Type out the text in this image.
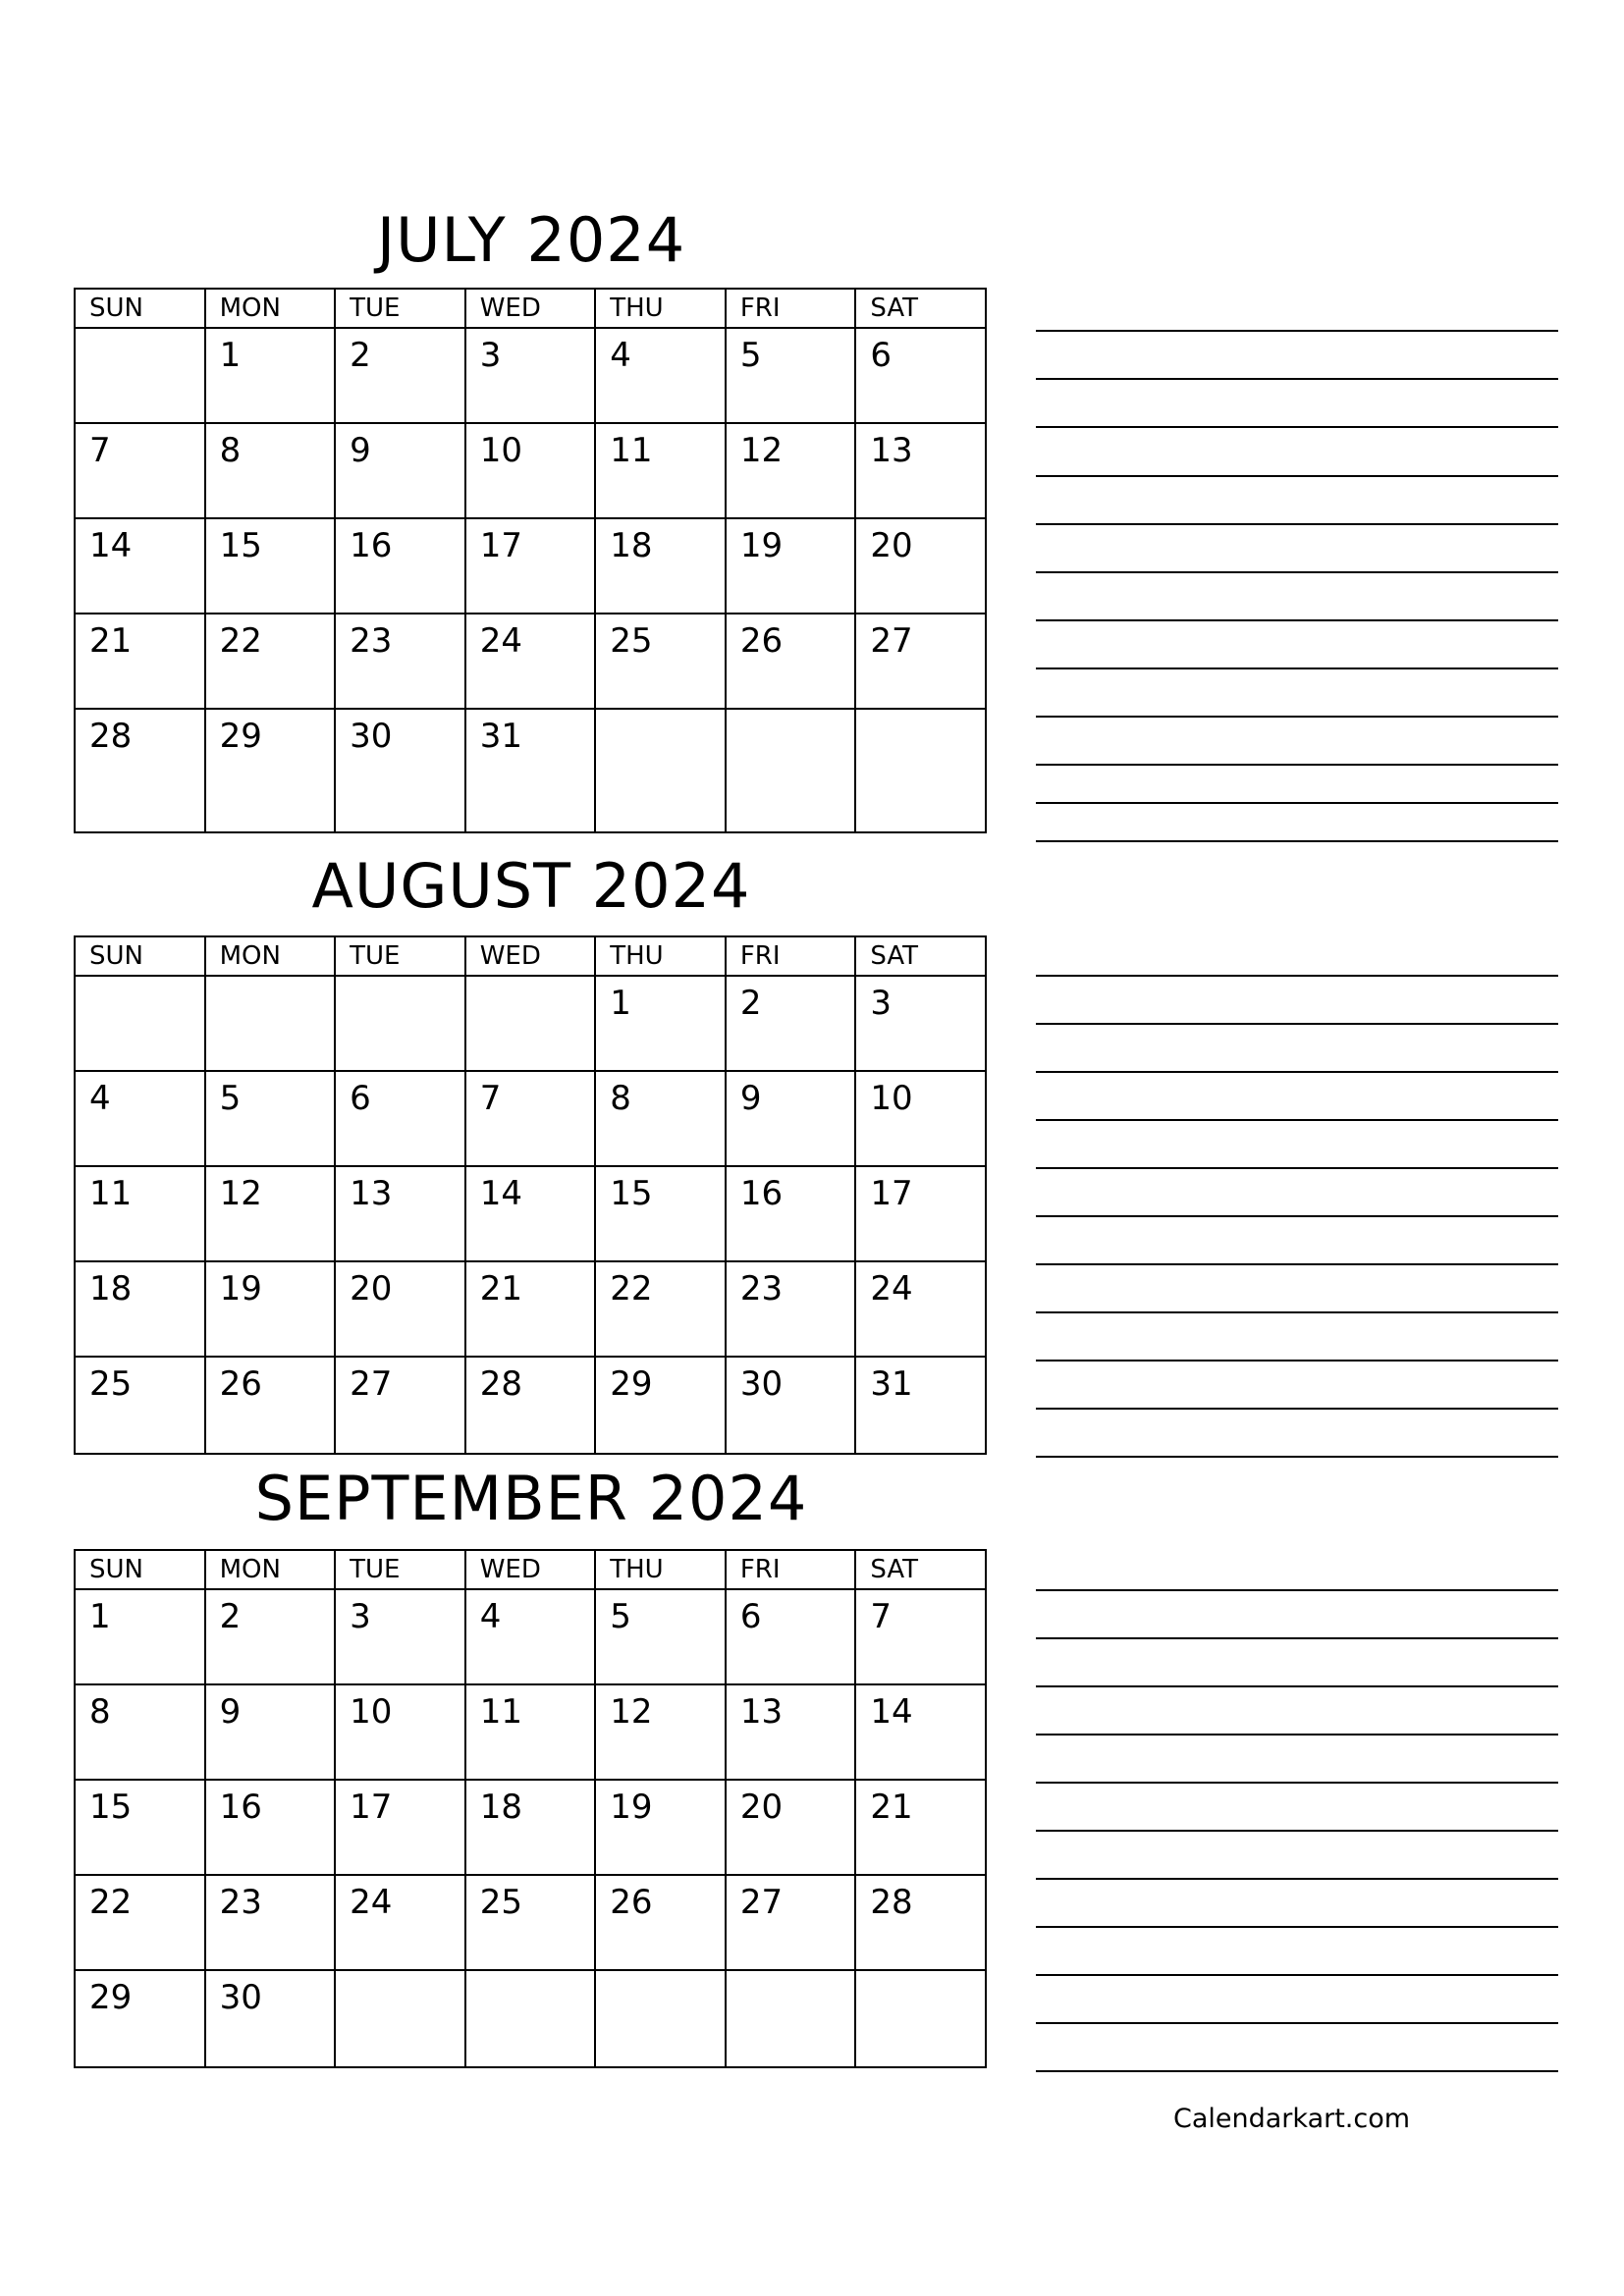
JULY 2024
SUN	MON	TUE	WED	THU	FRI	SAT
	1	2	3	4	5	6
7	8	9	10	11	12	13
14	15	16	17	18	19	20
21	22	23	24	25	26	27
28	29	30	31			
AUGUST 2024
SUN	MON	TUE	WED	THU	FRI	SAT
				1	2	3
4	5	6	7	8	9	10
11	12	13	14	15	16	17
18	19	20	21	22	23	24
25	26	27	28	29	30	31
SEPTEMBER 2024
SUN	MON	TUE	WED	THU	FRI	SAT
1	2	3	4	5	6	7
8	9	10	11	12	13	14
15	16	17	18	19	20	21
22	23	24	25	26	27	28
29	30					
Calendarkart.com
